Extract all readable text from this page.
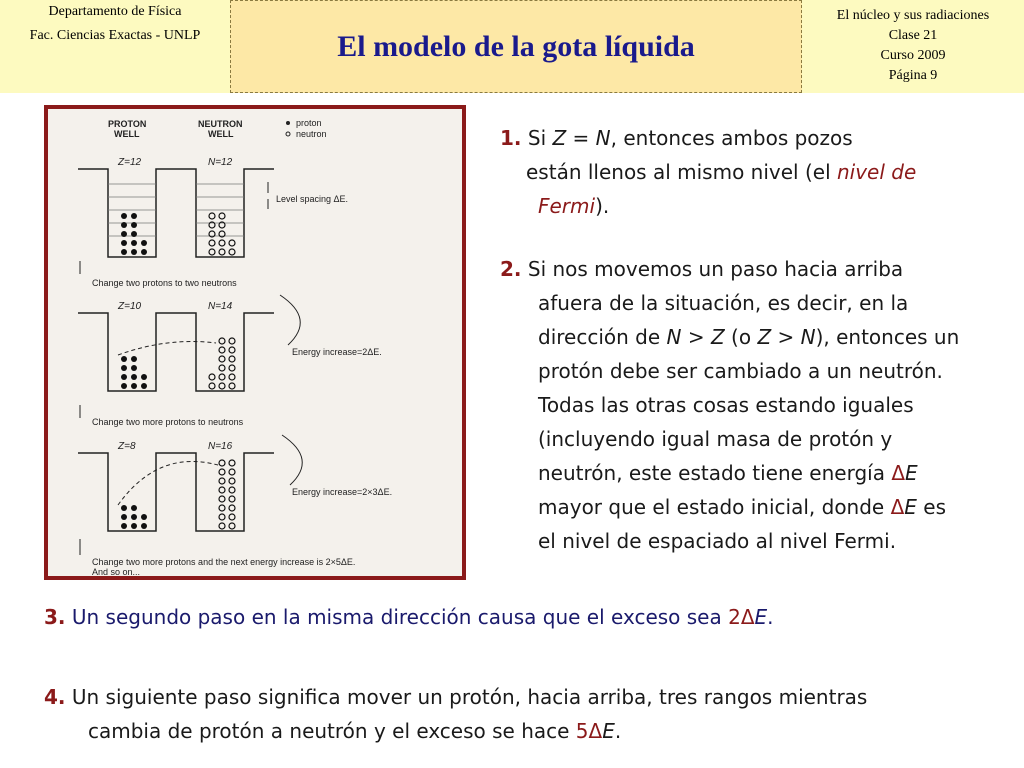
Departamento de Física
Fac. Ciencias Exactas - UNLP	El modelo de la gota líquida
El núcleo y sus radiaciones
Clase 21
Curso 2009
Página 9
PROTON
WELL
NEUTRON
WELL
proton
neutron
Z=12	N=12
Level spacing ΔE.
Change two protons to two neutrons
Z=10	N=14
Energy increase=2ΔE.
Change two more protons to neutrons
Z=8	N=16
Energy increase=2×3ΔE.
Change two more protons and the next energy increase is 2×5ΔE.
And so on...
1. Si Z = N, entonces ambos pozos
están llenos al mismo nivel (el nivel de
Fermi).
2. Si nos movemos un paso hacia arriba
afuera de la situación, es decir, en la
dirección de N > Z (o Z > N), entonces un
protón debe ser cambiado a un neutrón.
Todas las otras cosas estando iguales
(incluyendo igual masa de protón y
neutrón, este estado tiene energía ΔE
mayor que el estado inicial, donde ΔE es
el nivel de espaciado al nivel Fermi.
3. Un segundo paso en la misma dirección causa que el exceso sea 2ΔE.
4. Un siguiente paso significa mover un protón, hacia arriba, tres rangos mientras
cambia de protón a neutrón y el exceso se hace 5ΔE.
